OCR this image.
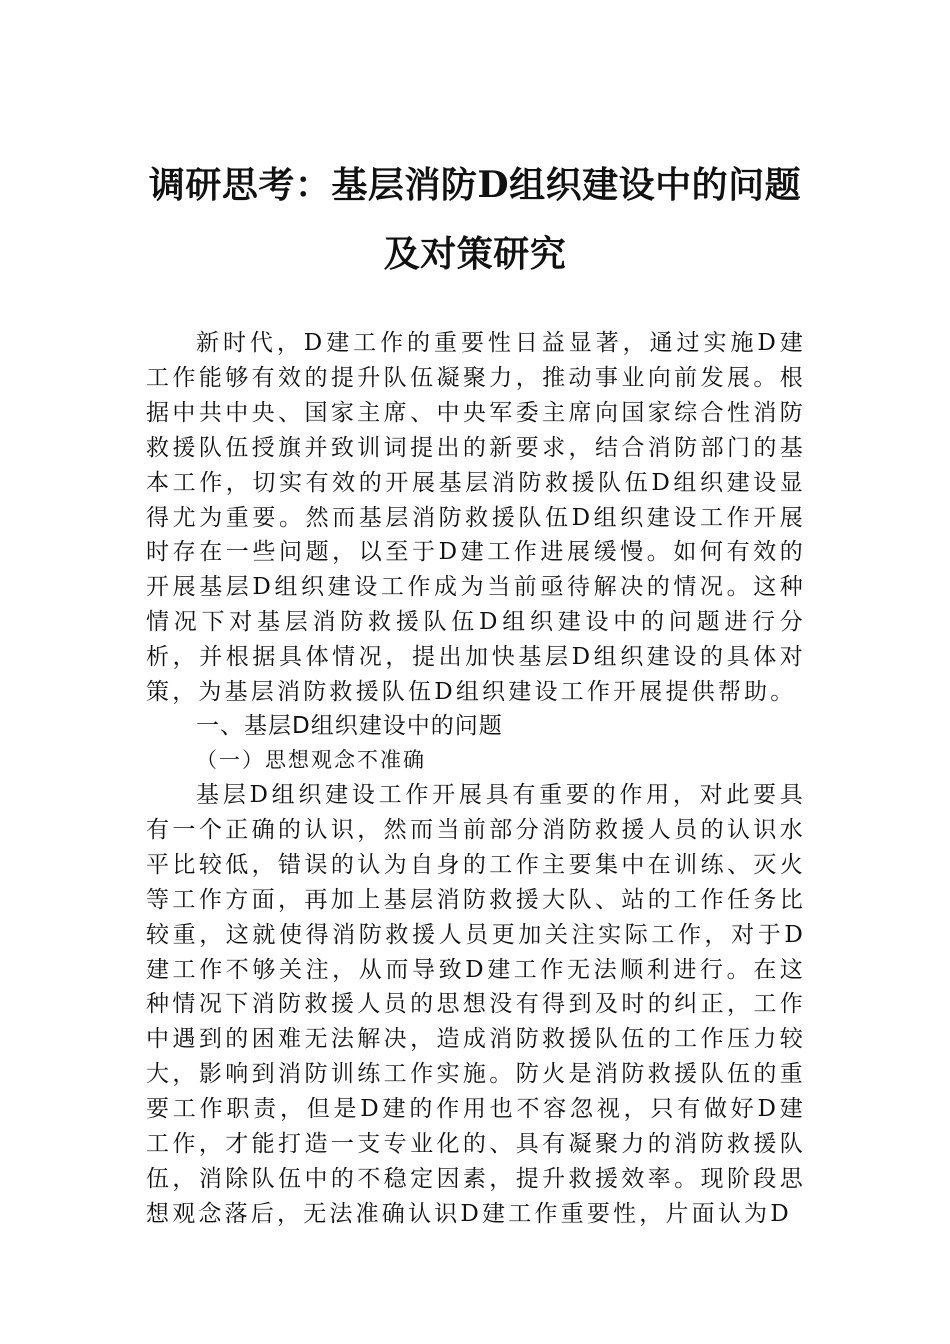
调研思考：基层消防D组织建设中的问题
及对策研究

新时代，D建工作的重要性日益显著，通过实施D建工作能够有效的提升队伍凝聚力，推动事业向前发展。根据中共中央、国家主席、中央军委主席向国家综合性消防救援队伍授旗并致训词提出的新要求，结合消防部门的基本工作，切实有效的开展基层消防救援队伍D组织建设显得尤为重要。然而基层消防救援队伍D组织建设工作开展时存在一些问题，以至于D建工作进展缓慢。如何有效的开展基层D组织建设工作成为当前亟待解决的情况。这种情况下对基层消防救援队伍D组织建设中的问题进行分析，并根据具体情况，提出加快基层D组织建设的具体对策，为基层消防救援队伍D组织建设工作开展提供帮助。

一、基层D组织建设中的问题
（一）思想观念不准确

基层D组织建设工作开展具有重要的作用，对此要具有一个正确的认识，然而当前部分消防救援人员的认识水平比较低，错误的认为自身的工作主要集中在训练、灭火等工作方面，再加上基层消防救援大队、站的工作任务比较重，这就使得消防救援人员更加关注实际工作，对于D建工作不够关注，从而导致D建工作无法顺利进行。在这种情况下消防救援人员的思想没有得到及时的纠正，工作中遇到的困难无法解决，造成消防救援队伍的工作压力较大，影响到消防训练工作实施。防火是消防救援队伍的重要工作职责，但是D建的作用也不容忽视，只有做好D建工作，才能打造一支专业化的、具有凝聚力的消防救援队伍，消除队伍中的不稳定因素，提升救援效率。现阶段思想观念落后，无法准确认识D建工作重要性，片面认为D
